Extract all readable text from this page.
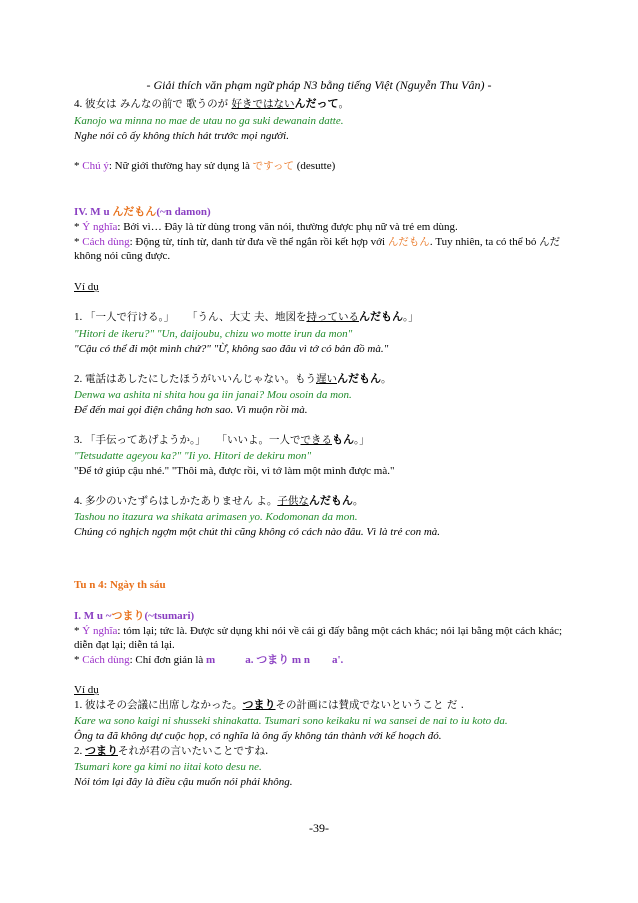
- Giải thích văn phạm ngữ pháp N3 bằng tiếng Việt (Nguyễn Thu Vân) -
4. 彼女は みんなの前で 歌うのが 好きではないんだって。
Kanojo wa minna no mae de utau no ga suki dewanain datte.
Nghe nói cô ấy không thích hát trước mọi người.
* Chú ý: Nữ giới thường hay sử dụng là ですって (desutte)
IV. M u んだもん(~n damon)
* Ý nghĩa: Bởi vì… Đây là từ dùng trong văn nói, thường được phụ nữ và trẻ em dùng.
* Cách dùng: Động từ, tính từ, danh từ đưa về thể ngắn rồi kết hợp với んだもん. Tuy nhiên, ta có thể bỏ んだ không nói cũng được.
Ví dụ
1. 「一人で行ける。」 「うん、大丈 夫、地図を持っているんだもん。」
"Hitori de ikeru?" "Un, daijoubu, chizu wo motte irun da mon"
"Cậu có thể đi một mình chứ?" "Ừ, không sao đâu vì tớ có bản đồ mà."
2. 電話はあしたにしたほうがいいんじゃない。もう遅いんだもん。
Denwa wa ashita ni shita hou ga iin janai? Mou osoin da mon.
Để đến mai gọi điện chẳng hơn sao. Vì muộn rồi mà.
3. 「手伝ってあげようか。」 「いいよ。一人でできるもん。」
"Tetsudatte ageyou ka?" "Ii yo. Hitori de dekiru mon"
"Để tớ giúp cậu nhé." "Thôi mà, được rồi, vì tớ làm một mình được mà."
4. 多少のいたずらはしかたありません よ。子供なんだもん。
Tashou no itazura wa shikata arimasen yo. Kodomonan da mon.
Chúng có nghịch ngợm một chút thì cũng không có cách nào đâu. Vì là trẻ con mà.
Tu n 4: Ngày th sáu
I. M u ~つまり(~tsumari)
* Ý nghĩa: tóm lại; tức là. Được sử dụng khi nói về cái gì đấy bằng một cách khác; nói lại bằng một cách khác; diễn đạt lại; diễn tả lại.
* Cách dùng: Chỉ đơn giản là m	a. つまり m n a'.
Ví dụ
1. 彼はその会議に出席しなかった。つまりその計画には賛成でないということ だ .
Kare wa sono kaigi ni shusseki shinakatta. Tsumari sono keikaku ni wa sansei de nai to iu koto da.
Ông ta đã không dự cuộc họp, có nghĩa là ông ấy không tán thành với kế hoạch đó.
2. つまりそれが君の言いたいことですね.
Tsumari kore ga kimi no iitai koto desu ne.
Nói tóm lại đây là điều cậu muốn nói phải không.
-39-
